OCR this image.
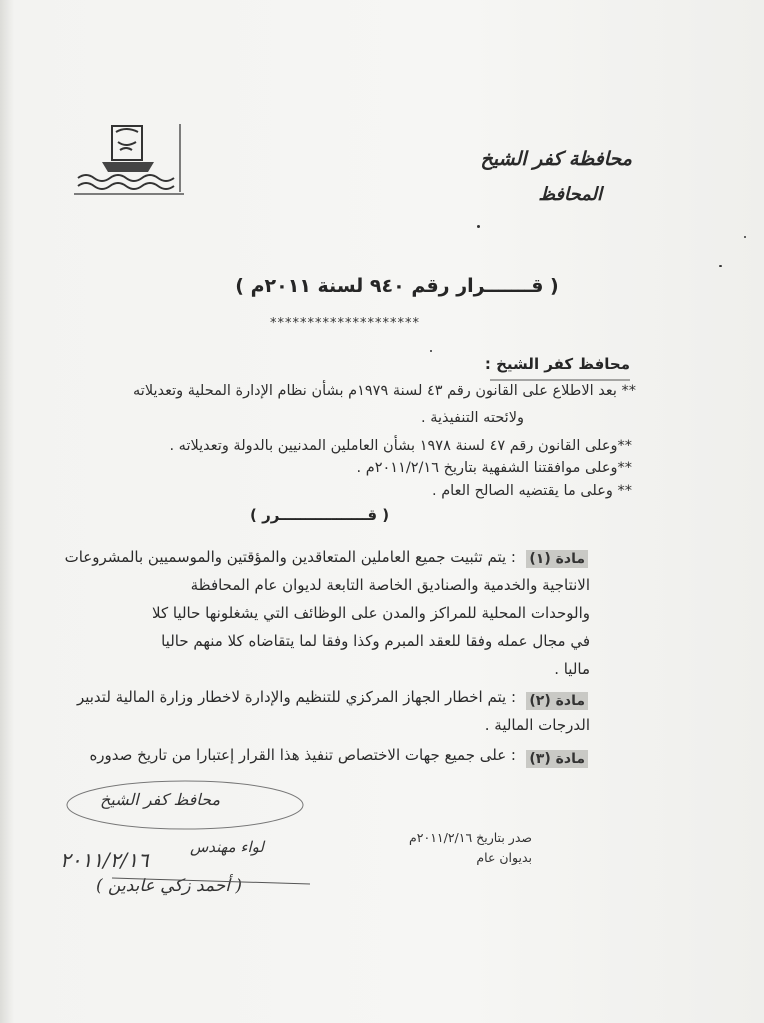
محافظة كفر الشيخ
المحافظ
( قـــــــرار رقم ٩٤٠ لسنة ٢٠١١م )
********************
محافظ كفر الشيخ :
** بعد الاطلاع على القانون رقم ٤٣ لسنة ١٩٧٩م بشأن نظام الإدارة المحلية وتعديلاته
ولائحته التنفيذية .
**وعلى القانون رقم ٤٧ لسنة ١٩٧٨ بشأن العاملين المدنيين بالدولة وتعديلاته .
**وعلى موافقتنا الشفهية بتاريخ ٢٠١١/٢/١٦م .
** وعلى ما يقتضيه الصالح العام .
( قـــــــــــــــــرر )
مادة (١)
: يتم تثبيت جميع العاملين المتعاقدين والمؤقتين والموسميين بالمشروعات
الانتاجية والخدمية والصناديق الخاصة التابعة لديوان عام المحافظة
والوحدات المحلية للمراكز والمدن على الوظائف التي يشغلونها حاليا كلا
في مجال عمله وفقا للعقد المبرم وكذا وفقا لما يتقاضاه كلا منهم حاليا
ماليا .
مادة (٢)
: يتم اخطار الجهاز المركزي للتنظيم والإدارة لاخطار وزارة المالية لتدبير
الدرجات المالية .
مادة (٣)
: على جميع جهات الاختصاص تنفيذ هذا القرار إعتبارا من تاريخ صدوره
محافظ كفر الشيخ
لواء مهندس
٢٠١١/٢/١٦
( أحمد زكي عابدين )
صدر بتاريخ ٢٠١١/٢/١٦م
بديوان عام
